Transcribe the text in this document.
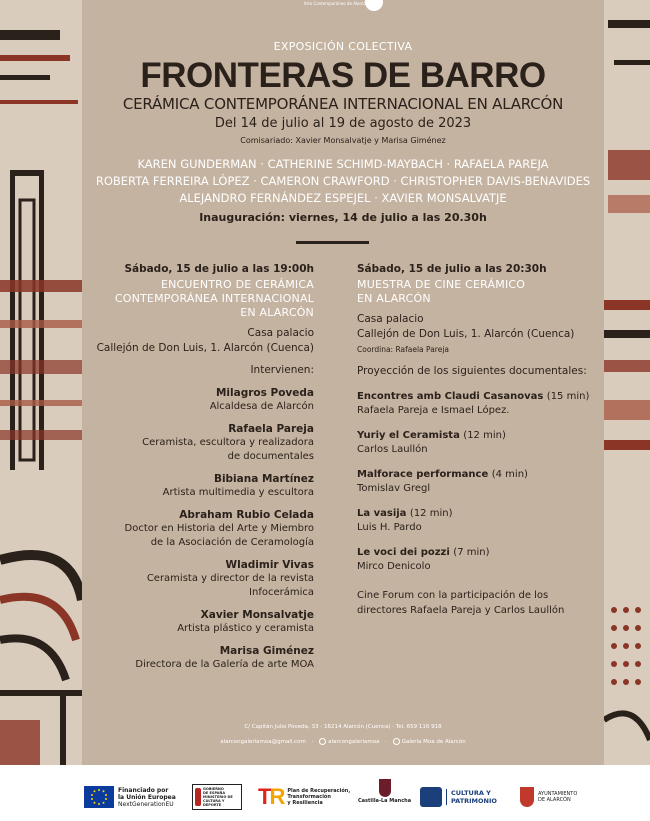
Arte Contemporáneo de Alarcón
EXPOSICIÓN COLECTIVA
FRONTERAS DE BARRO
CERÁMICA CONTEMPORÁNEA INTERNACIONAL EN ALARCÓN
Del 14 de julio al 19 de agosto de 2023
Comisariado: Xavier Monsalvatje y Marisa Giménez
KAREN GUNDERMAN · CATHERINE SCHIMD-MAYBACH · RAFAELA PAREJA
ROBERTA FERREIRA LÓPEZ · CAMERON CRAWFORD · CHRISTOPHER DAVIS-BENAVIDES
ALEJANDRO FERNÁNDEZ ESPEJEL · XAVIER MONSALVATJE
Inauguración: viernes, 14 de julio a las 20.30h
Sábado, 15 de julio a las 19:00h
ENCUENTRO DE CERÁMICA
CONTEMPORÁNEA INTERNACIONAL
EN ALARCÓN
Casa palacio
Callejón de Don Luis, 1. Alarcón (Cuenca)
Intervienen:
Milagros Poveda
Alcaldesa de Alarcón
Rafaela Pareja
Ceramista, escultora y realizadora
de documentales
Bibiana Martínez
Artista multimedia y escultora
Abraham Rubio Celada
Doctor en Historia del Arte y Miembro
de la Asociación de Ceramología
Wladimir Vivas
Ceramista y director de la revista Infocerámica
Xavier Monsalvatje
Artista plástico y ceramista
Marisa Giménez
Directora de la Galería de arte MOA
Sábado, 15 de julio a las 20:30h
MUESTRA DE CINE CERÁMICO
EN ALARCÓN
Casa palacio
Callejón de Don Luis, 1. Alarcón (Cuenca)
Coordina: Rafaela Pareja
Proyección de los siguientes documentales:
Encontres amb Claudi Casanovas (15 min)
Rafaela Pareja e Ismael López.
Yuriy el Ceramista (12 min)
Carlos Laullón
Malforace performance (4 min)
Tomislav Gregl
La vasija (12 min)
Luis H. Pardo
Le voci dei pozzi (7 min)
Mirco Denicolo
Cine Forum con la participación de los
directores Rafaela Pareja y Carlos Laullón
C/ Capitán Julio Poveda, 33 - 16214 Alarcón (Cuenca) · Tel. 659 116 918
alarcongaleriamoa@gmail.com ·	alarcongaleriamoa ·	Galería Moa de Alarcón
Financiado por
la Unión Europea
NextGenerationEU
GOBIERNO
DE ESPAÑA
MINISTERIO DE CULTURA Y DEPORTE	TR Plan de Recuperación,
Transformación
y Resiliencia	Castilla-La Mancha
CULTURA Y
PATRIMONIO
AYUNTAMIENTO
DE ALARCÓN
